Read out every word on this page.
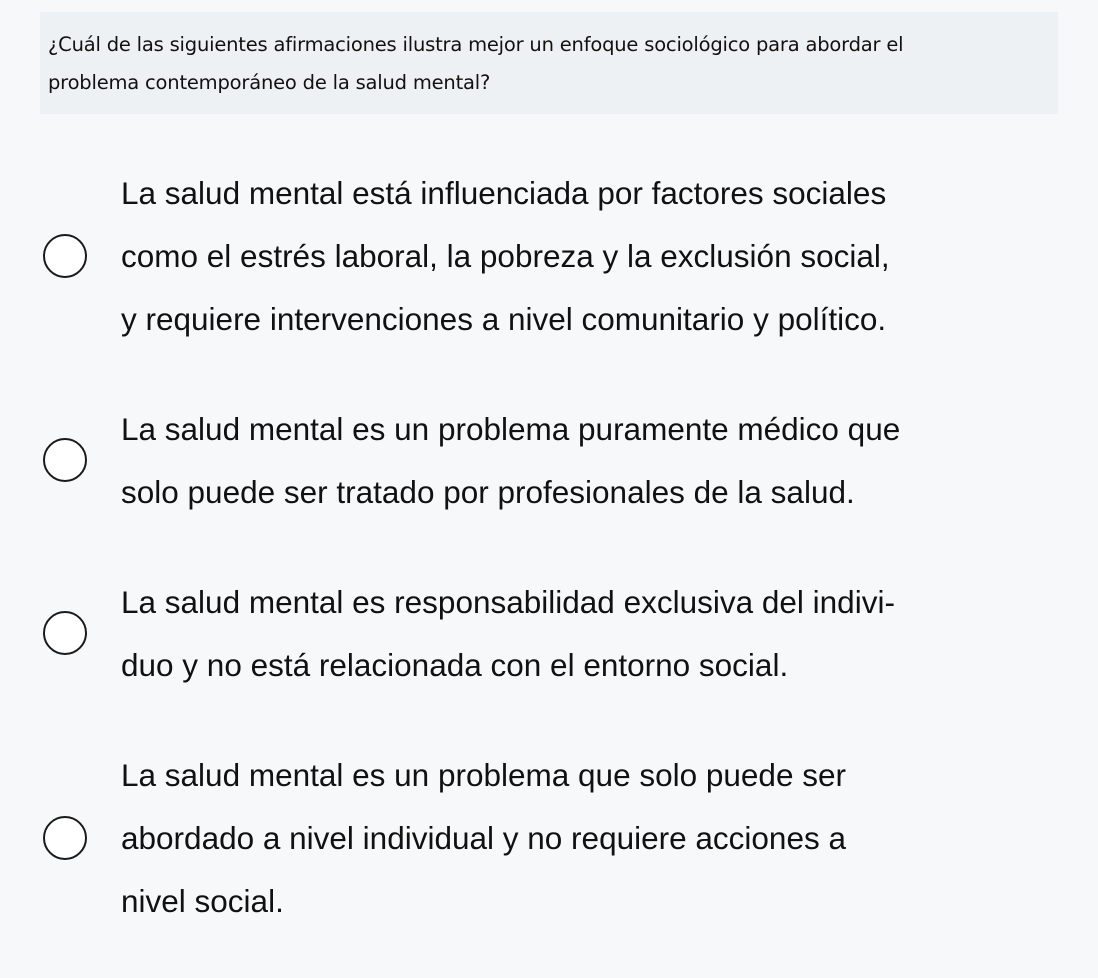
¿Cuál de las siguientes afirmaciones ilustra mejor un enfoque sociológico para abordar el
problema contemporáneo de la salud mental?

La salud mental está influenciada por factores sociales
como el estrés laboral, la pobreza y la exclusión social,
y requiere intervenciones a nivel comunitario y político.

La salud mental es un problema puramente médico que
solo puede ser tratado por profesionales de la salud.

La salud mental es responsabilidad exclusiva del indivi-
duo y no está relacionada con el entorno social.

La salud mental es un problema que solo puede ser
abordado a nivel individual y no requiere acciones a
nivel social.
